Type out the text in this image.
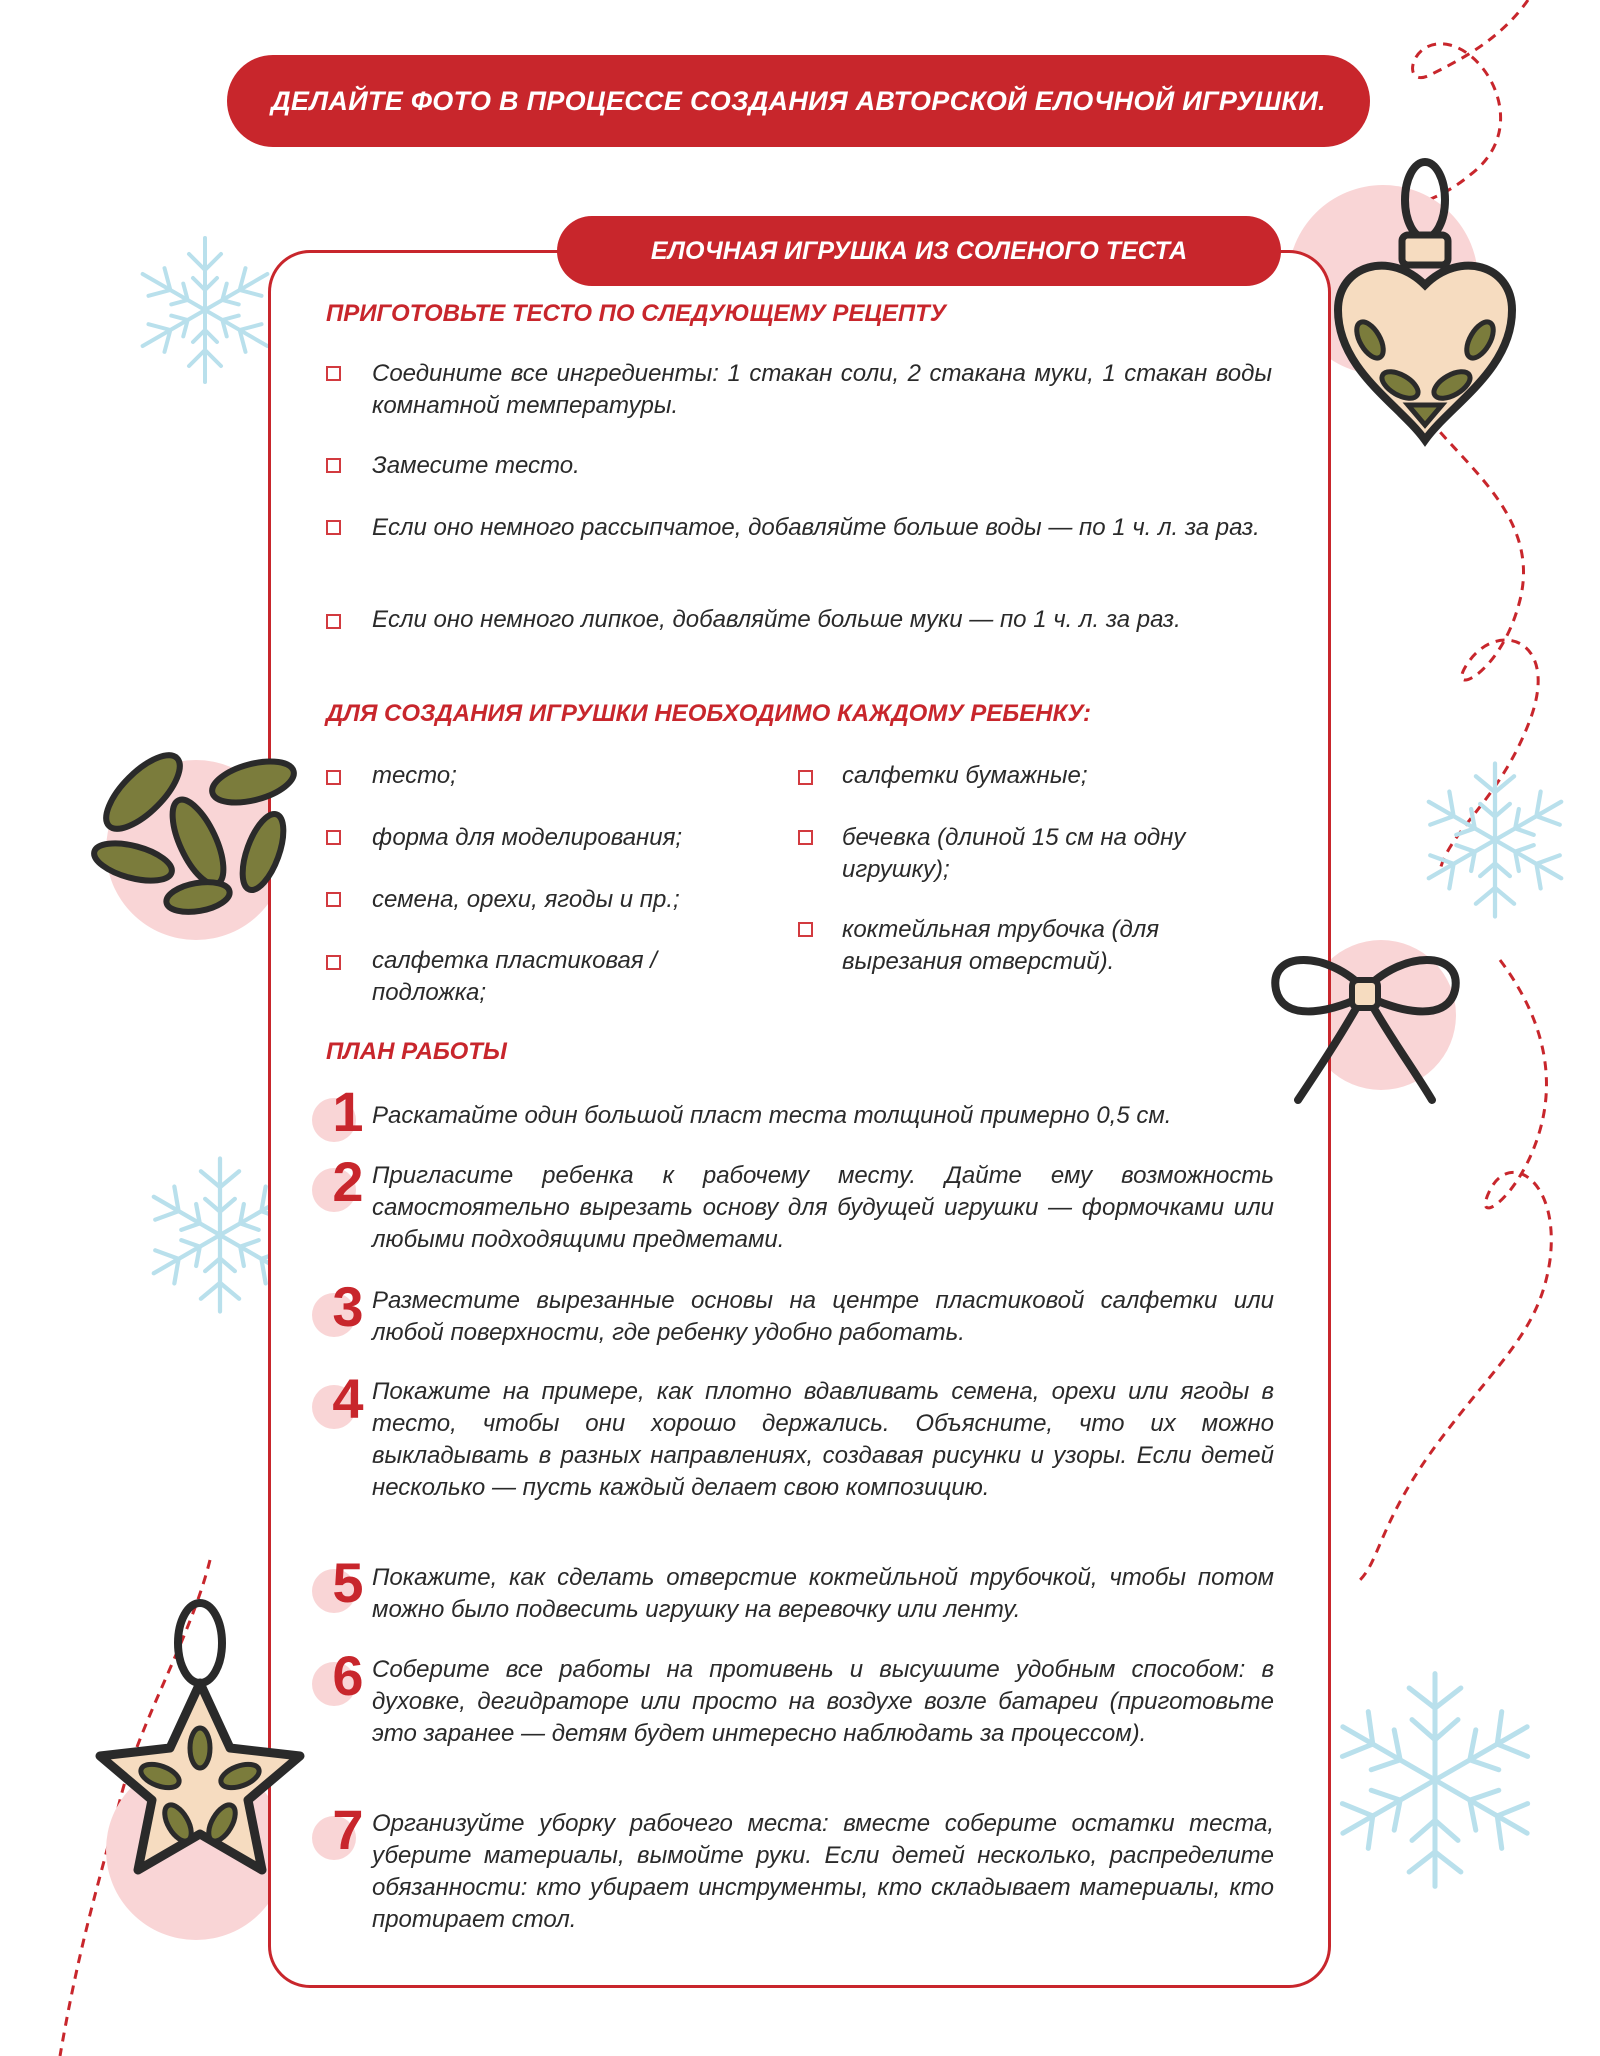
ДЕЛАЙТЕ ФОТО В ПРОЦЕССЕ СОЗДАНИЯ АВТОРСКОЙ ЕЛОЧНОЙ ИГРУШКИ.
ЕЛОЧНАЯ ИГРУШКА ИЗ СОЛЕНОГО ТЕСТА
ПРИГОТОВЬТЕ ТЕСТО ПО СЛЕДУЮЩЕМУ РЕЦЕПТУ
Соедините все ингредиенты: 1 стакан соли, 2 стакана муки, 1 стакан воды комнатной температуры.
Замесите тесто.
Если оно немного рассыпчатое, добавляйте больше воды — по 1 ч. л. за раз.
Если оно немного липкое, добавляйте больше муки — по 1 ч. л. за раз.
ДЛЯ СОЗДАНИЯ ИГРУШКИ НЕОБХОДИМО КАЖДОМУ РЕБЕНКУ:
тесто;
форма для моделирования;
семена, орехи, ягоды и пр.;
салфетка пластиковая / подложка;
салфетки бумажные;
бечевка (длиной 15 см на одну игрушку);
коктейльная трубочка (для вырезания отверстий).
ПЛАН РАБОТЫ
1 Раскатайте один большой пласт теста толщиной примерно 0,5 см.
2 Пригласите ребенка к рабочему месту. Дайте ему возможность самостоятельно вырезать основу для будущей игрушки — формочками или любыми подходящими предметами.
3 Разместите вырезанные основы на центре пластиковой салфетки или любой поверхности, где ребенку удобно работать.
4 Покажите на примере, как плотно вдавливать семена, орехи или ягоды в тесто, чтобы они хорошо держались. Объясните, что их можно выкладывать в разных направлениях, создавая рисунки и узоры. Если детей несколько — пусть каждый делает свою композицию.
5 Покажите, как сделать отверстие коктейльной трубочкой, чтобы потом можно было подвесить игрушку на веревочку или ленту.
6 Соберите все работы на противень и высушите удобным способом: в духовке, дегидраторе или просто на воздухе возле батареи (приготовьте это заранее — детям будет интересно наблюдать за процессом).
7 Организуйте уборку рабочего места: вместе соберите остатки теста, уберите материалы, вымойте руки. Если детей несколько, распределите обязанности: кто убирает инструменты, кто складывает материалы, кто протирает стол.
